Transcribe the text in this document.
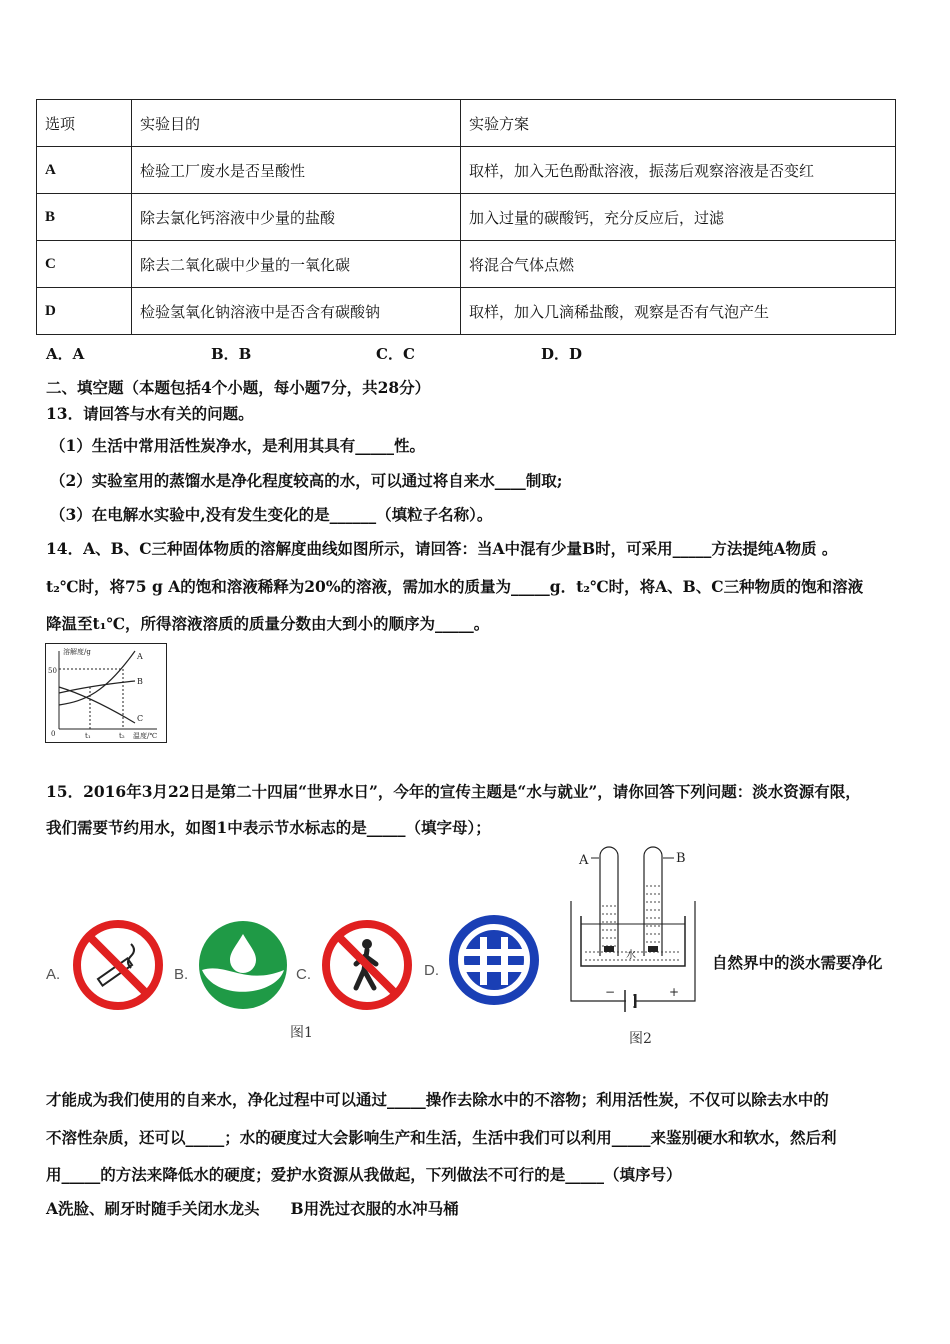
选项	实验目的	实验方案
A	检验工厂废水是否呈酸性	取样，加入无色酚酞溶液，振荡后观察溶液是否变红
B	除去氯化钙溶液中少量的盐酸	加入过量的碳酸钙，充分反应后，过滤
C	除去二氧化碳中少量的一氧化碳	将混合气体点燃
D	检验氢氧化钠溶液中是否含有碳酸钠	取样，加入几滴稀盐酸，观察是否有气泡产生
A．A	B．B	C．C	D．D
二、填空题（本题包括4个小题，每小题7分，共28分）
13．请回答与水有关的问题。
（1）生活中常用活性炭净水，是利用其具有_____性。
（2）实验室用的蒸馏水是净化程度较高的水，可以通过将自来水____制取;
（3）在电解水实验中,没有发生变化的是______（填粒子名称）。
14．A、B、C三种固体物质的溶解度曲线如图所示，请回答：当A中混有少量B时，可采用_____方法提纯A物质 。
t₂℃时，将75 g A的饱和溶液稀释为20%的溶液，需加水的质量为_____g．t₂℃时，将A、B、C三种物质的饱和溶液
降温至t₁℃，所得溶液溶质的质量分数由大到小的顺序为_____。
溶解度/g
50
0	t₁	t₂ 温度/℃
A
B
C
15．2016年3月22日是第二十四届“世界水日”，今年的宣传主题是“水与就业”，请你回答下列问题：淡水资源有限，
我们需要节约用水，如图1中表示节水标志的是_____（填字母）；
A.	B.	C.	D.
图1
A	B
水
−	+
图2
自然界中的淡水需要净化
才能成为我们使用的自来水，净化过程中可以通过_____操作去除水中的不溶物；利用活性炭，不仅可以除去水中的
不溶性杂质，还可以_____；水的硬度过大会影响生产和生活，生活中我们可以利用_____来鉴别硬水和软水，然后利
用_____的方法来降低水的硬度；爱护水资源从我做起，下列做法不可行的是_____（填序号）
A洗脸、刷牙时随手关闭水龙头　　B用洗过衣服的水冲马桶
